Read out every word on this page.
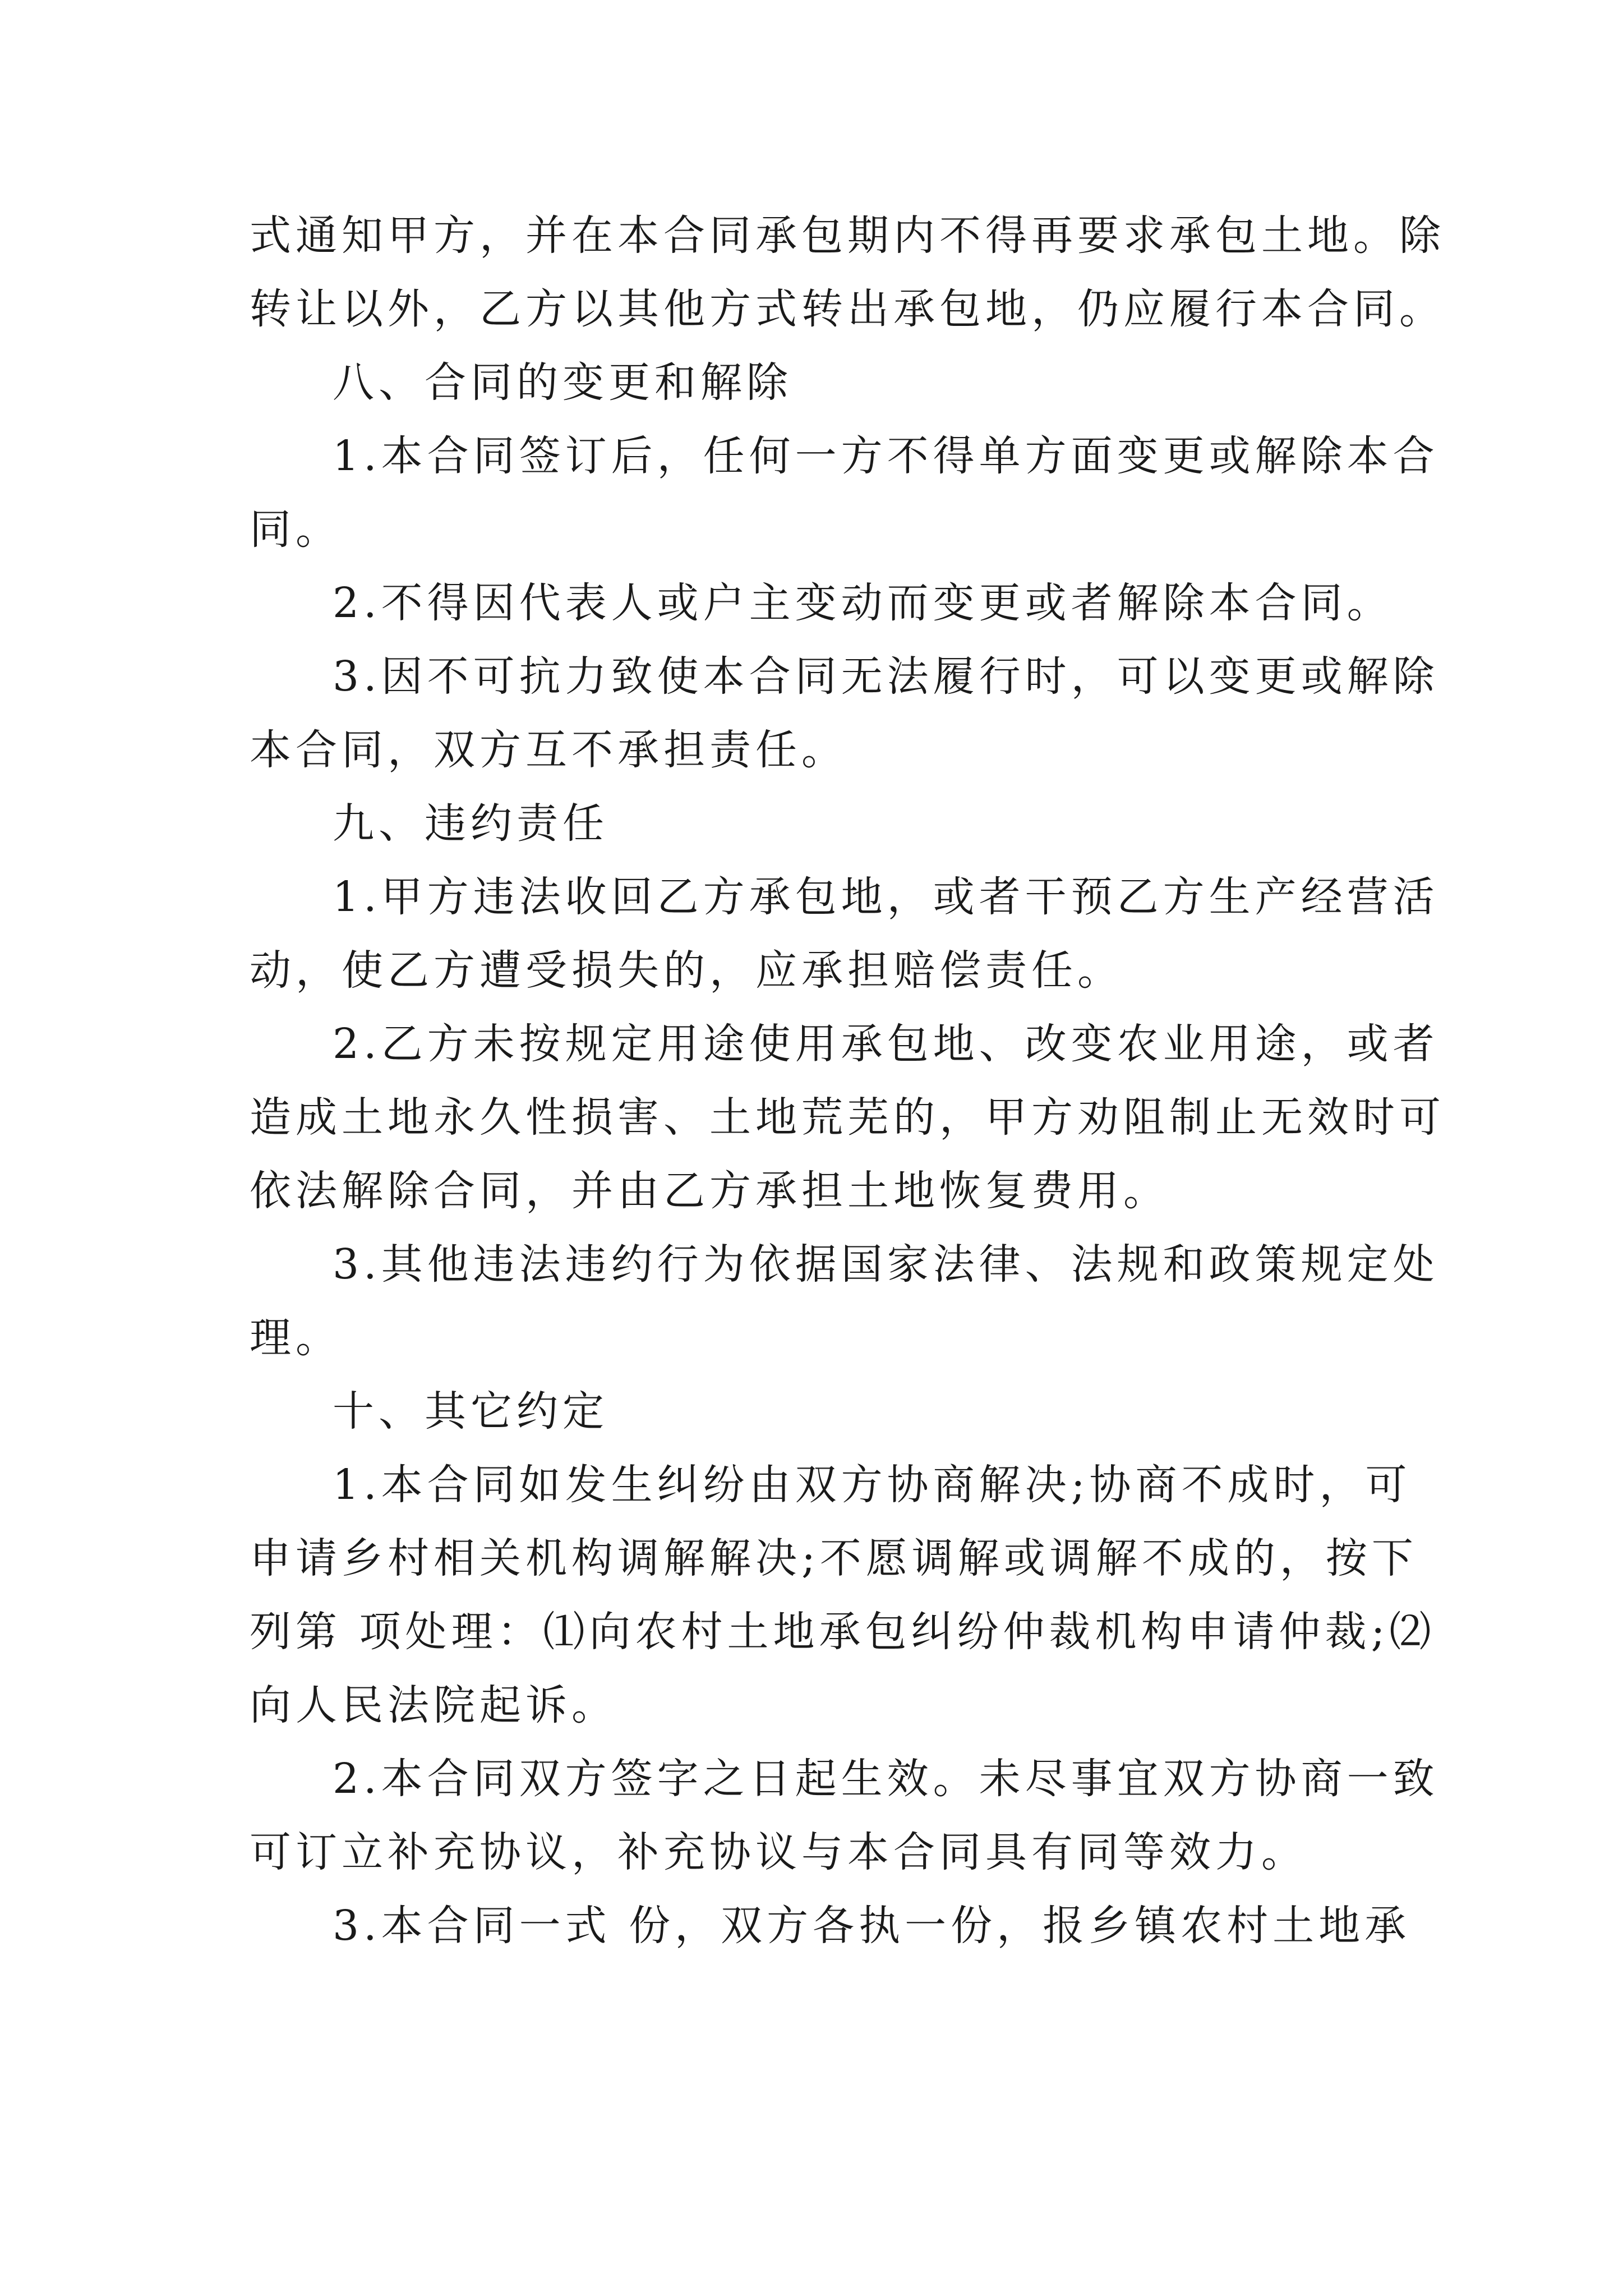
式通知甲方，并在本合同承包期内不得再要求承包土地。除
转让以外，乙方以其他方式转出承包地，仍应履行本合同。
八、合同的变更和解除
1.本合同签订后，任何一方不得单方面变更或解除本合
同。
2.不得因代表人或户主变动而变更或者解除本合同。
3.因不可抗力致使本合同无法履行时，可以变更或解除
本合同，双方互不承担责任。
九、违约责任
1.甲方违法收回乙方承包地，或者干预乙方生产经营活
动，使乙方遭受损失的，应承担赔偿责任。
2.乙方未按规定用途使用承包地、改变农业用途，或者
造成土地永久性损害、土地荒芜的，甲方劝阻制止无效时可
依法解除合同，并由乙方承担土地恢复费用。
3.其他违法违约行为依据国家法律、法规和政策规定处
理。
十、其它约定
1.本合同如发生纠纷由双方协商解决;协商不成时，可
申请乡村相关机构调解解决;不愿调解或调解不成的，按下
列第 项处理：⑴向农村土地承包纠纷仲裁机构申请仲裁;⑵
向人民法院起诉。
2.本合同双方签字之日起生效。未尽事宜双方协商一致
可订立补充协议，补充协议与本合同具有同等效力。
3.本合同一式 份，双方各执一份，报乡镇农村土地承
